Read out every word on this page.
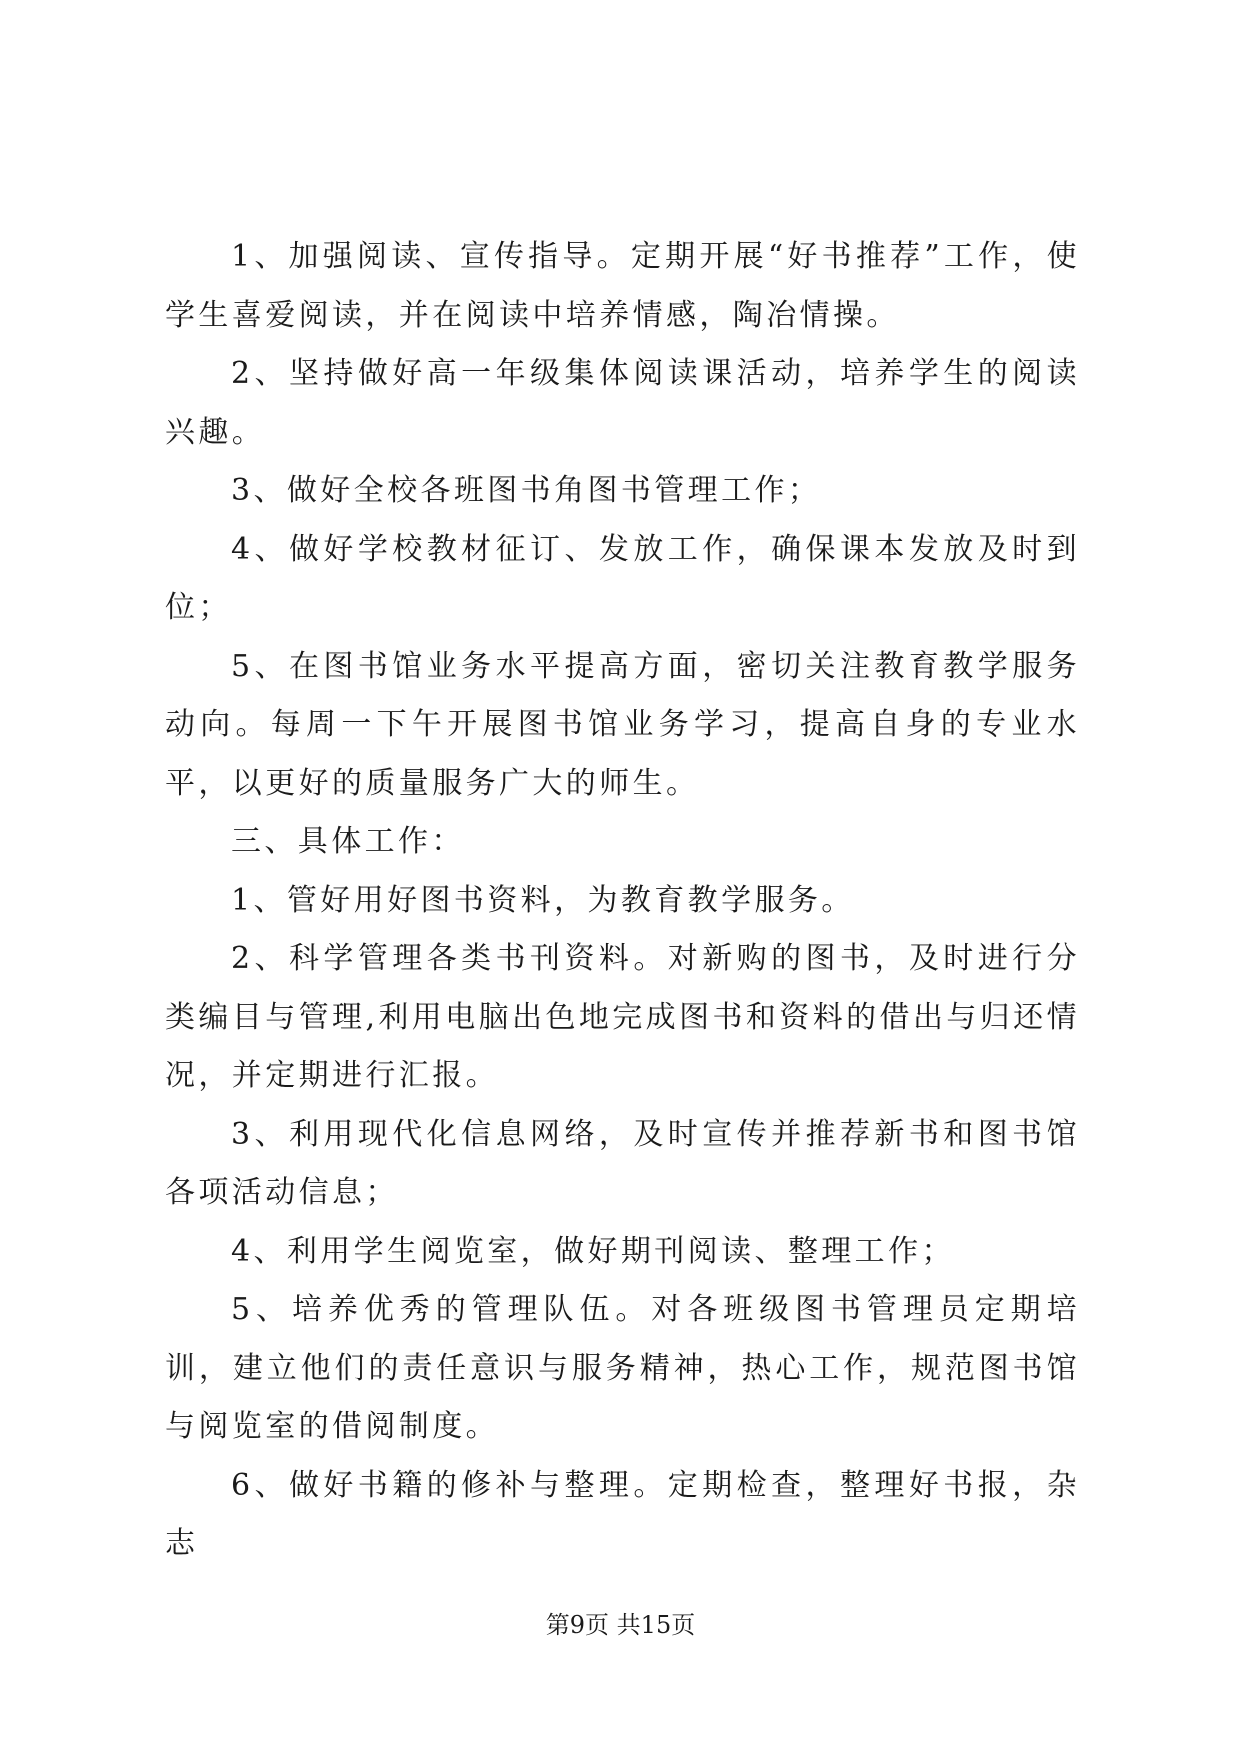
1、加强阅读、宣传指导。定期开展“好书推荐”工作，使学生喜爱阅读，并在阅读中培养情感，陶冶情操。

2、坚持做好高一年级集体阅读课活动，培养学生的阅读兴趣。

3、做好全校各班图书角图书管理工作；

4、做好学校教材征订、发放工作，确保课本发放及时到位；

5、在图书馆业务水平提高方面，密切关注教育教学服务动向。每周一下午开展图书馆业务学习，提高自身的专业水平，以更好的质量服务广大的师生。

三、具体工作：

1、管好用好图书资料，为教育教学服务。

2、科学管理各类书刊资料。对新购的图书，及时进行分类编目与管理,利用电脑出色地完成图书和资料的借出与归还情况，并定期进行汇报。

3、利用现代化信息网络，及时宣传并推荐新书和图书馆各项活动信息；

4、利用学生阅览室，做好期刊阅读、整理工作；

5、培养优秀的管理队伍。对各班级图书管理员定期培训，建立他们的责任意识与服务精神，热心工作，规范图书馆与阅览室的借阅制度。

6、做好书籍的修补与整理。定期检查，整理好书报，杂志

第9页 共15页
